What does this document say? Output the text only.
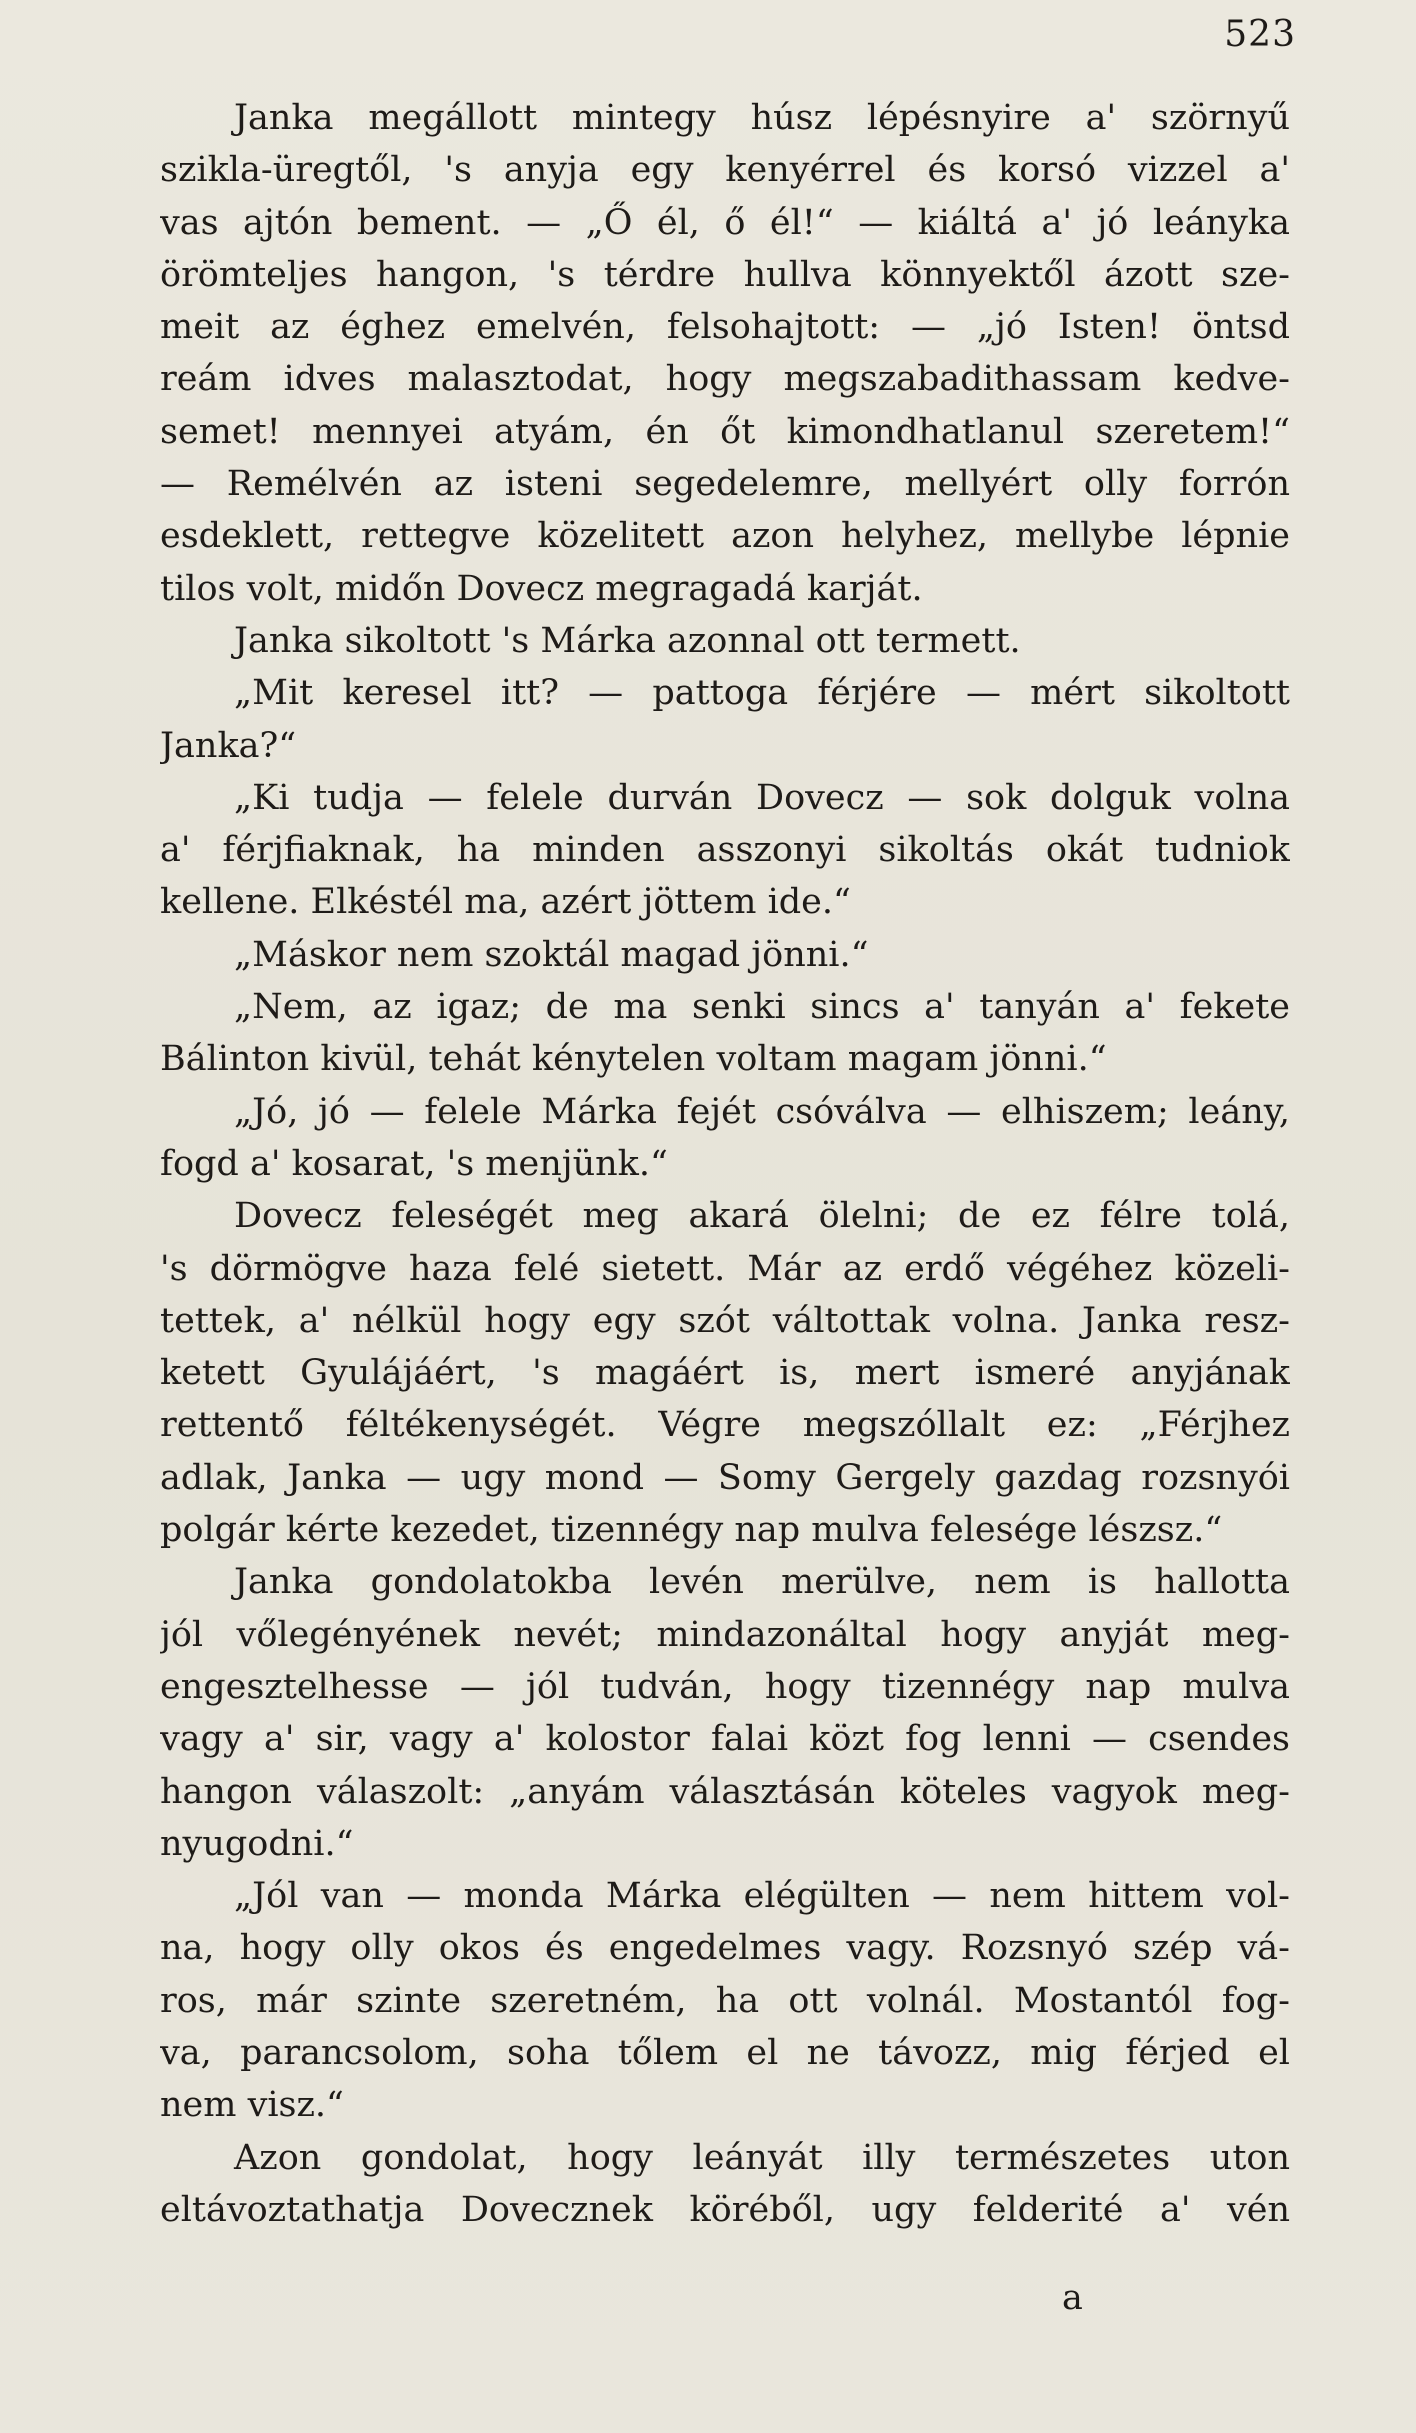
523
Janka megállott mintegy húsz lépésnyire a' szörnyű
szikla-üregtől, 's anyja egy kenyérrel és korsó vizzel a'
vas ajtón bement. — „Ő él, ő él!“ — kiáltá a' jó leányka
örömteljes hangon, 's térdre hullva könnyektől ázott sze-
meit az éghez emelvén, felsohajtott: — „jó Isten! öntsd
reám idves malasztodat, hogy megszabadithassam kedve-
semet! mennyei atyám, én őt kimondhatlanul szeretem!“
— Remélvén az isteni segedelemre, mellyért olly forrón
esdeklett, rettegve közelitett azon helyhez, mellybe lépnie
tilos volt, midőn Dovecz megragadá karját.
Janka sikoltott 's Márka azonnal ott termett.
„Mit keresel itt? — pattoga férjére — mért sikoltott
Janka?“
„Ki tudja — felele durván Dovecz — sok dolguk volna
a' férjfiaknak, ha minden asszonyi sikoltás okát tudniok
kellene. Elkéstél ma, azért jöttem ide.“
„Máskor nem szoktál magad jönni.“
„Nem, az igaz; de ma senki sincs a' tanyán a' fekete
Bálinton kivül, tehát kénytelen voltam magam jönni.“
„Jó, jó — felele Márka fejét csóválva — elhiszem; leány,
fogd a' kosarat, 's menjünk.“
Dovecz feleségét meg akará ölelni; de ez félre tolá,
's dörmögve haza felé sietett. Már az erdő végéhez közeli-
tettek, a' nélkül hogy egy szót váltottak volna. Janka resz-
ketett Gyulájáért, 's magáért is, mert ismeré anyjának
rettentő féltékenységét. Végre megszóllalt ez: „Férjhez
adlak, Janka — ugy mond — Somy Gergely gazdag rozsnyói
polgár kérte kezedet, tizennégy nap mulva felesége lészsz.“
Janka gondolatokba levén merülve, nem is hallotta
jól vőlegényének nevét; mindazonáltal hogy anyját meg-
engesztelhesse — jól tudván, hogy tizennégy nap mulva
vagy a' sir, vagy a' kolostor falai közt fog lenni — csendes
hangon válaszolt: „anyám választásán köteles vagyok meg-
nyugodni.“
„Jól van — monda Márka elégülten — nem hittem vol-
na, hogy olly okos és engedelmes vagy. Rozsnyó szép vá-
ros, már szinte szeretném, ha ott volnál. Mostantól fog-
va, parancsolom, soha tőlem el ne távozz, mig férjed el
nem visz.“
Azon gondolat, hogy leányát illy természetes uton
eltávoztathatja Dovecznek köréből, ugy felderité a' vén
a
